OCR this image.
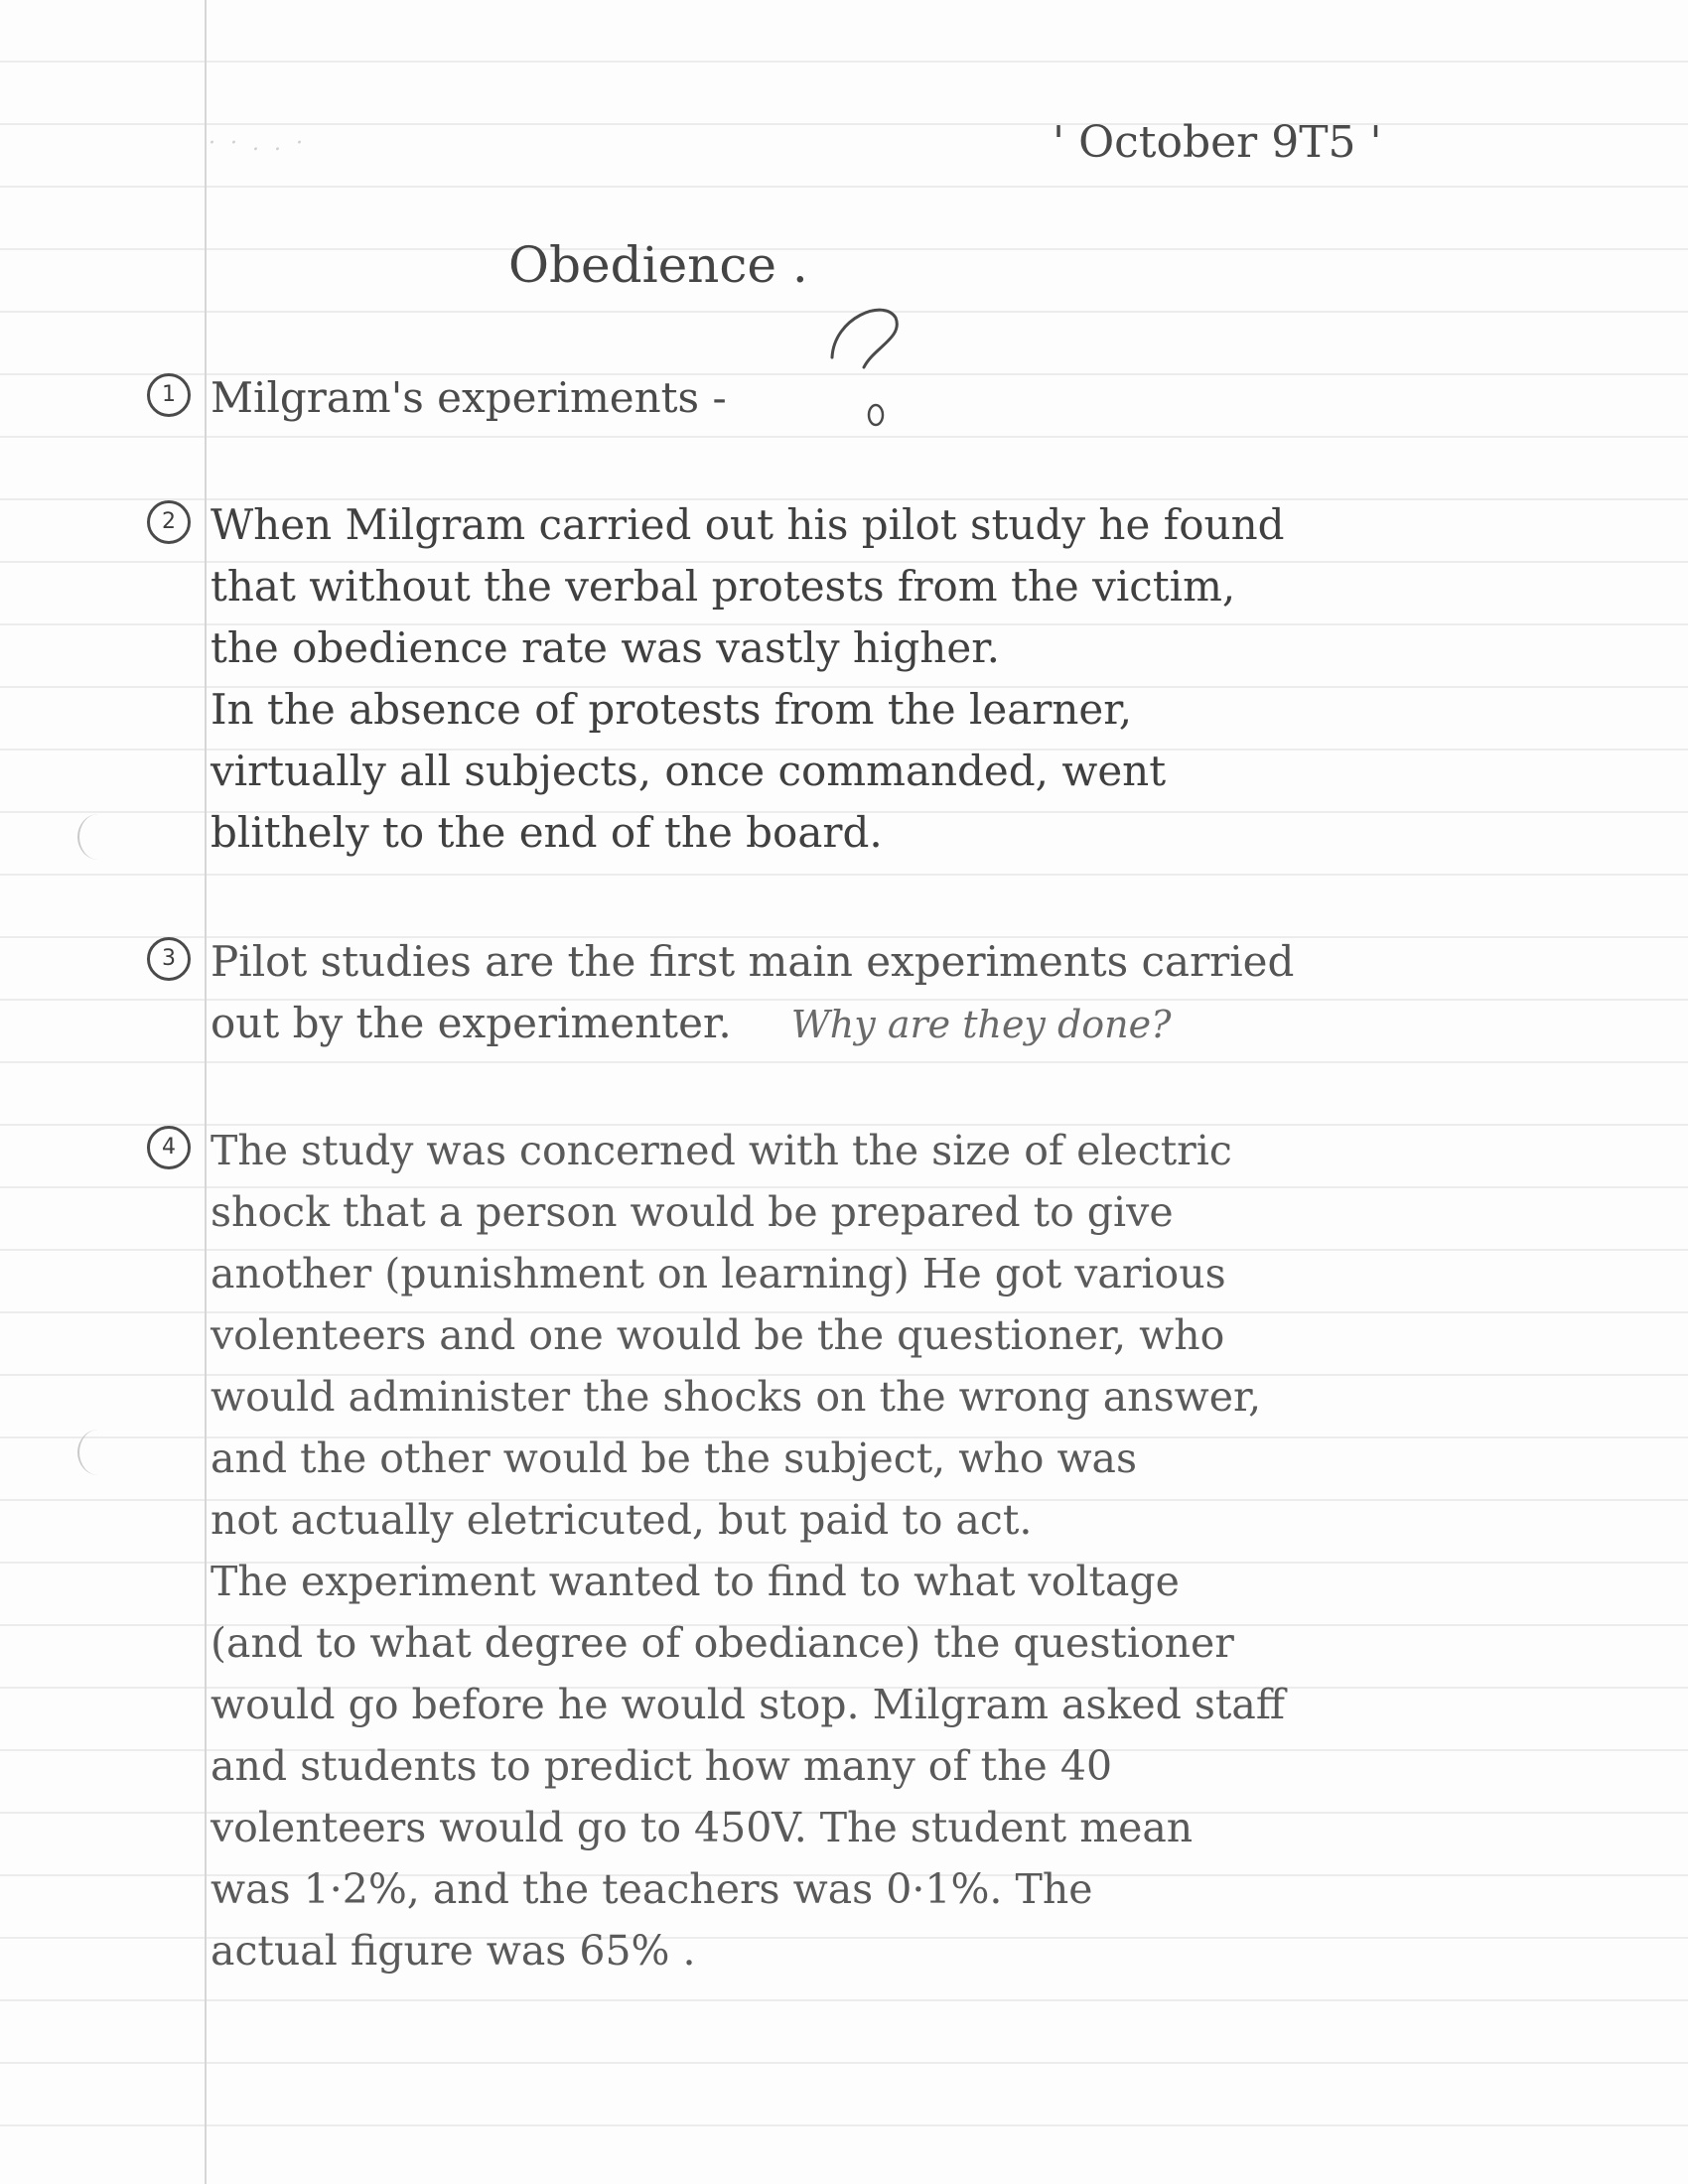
· · . . ·	' October 9T5 '
Obedience .
1 Milgram's experiments -
2 When Milgram carried out his pilot study he found
that without the verbal protests from the victim,
the obedience rate was vastly higher.
In the absence of protests from the learner,
virtually all subjects, once commanded, went
blithely to the end of the board.
3 Pilot studies are the first main experiments carried
out by the experimenter. Why are they done?
4 The study was concerned with the size of electric
shock that a person would be prepared to give
another (punishment on learning) He got various
volenteers and one would be the questioner, who
would administer the shocks on the wrong answer,
and the other would be the subject, who was
not actually eletricuted, but paid to act.
The experiment wanted to find to what voltage
(and to what degree of obediance) the questioner
would go before he would stop. Milgram asked staff
and students to predict how many of the 40
volenteers would go to 450V. The student mean
was 1·2%, and the teachers was 0·1%. The
actual figure was 65% .
